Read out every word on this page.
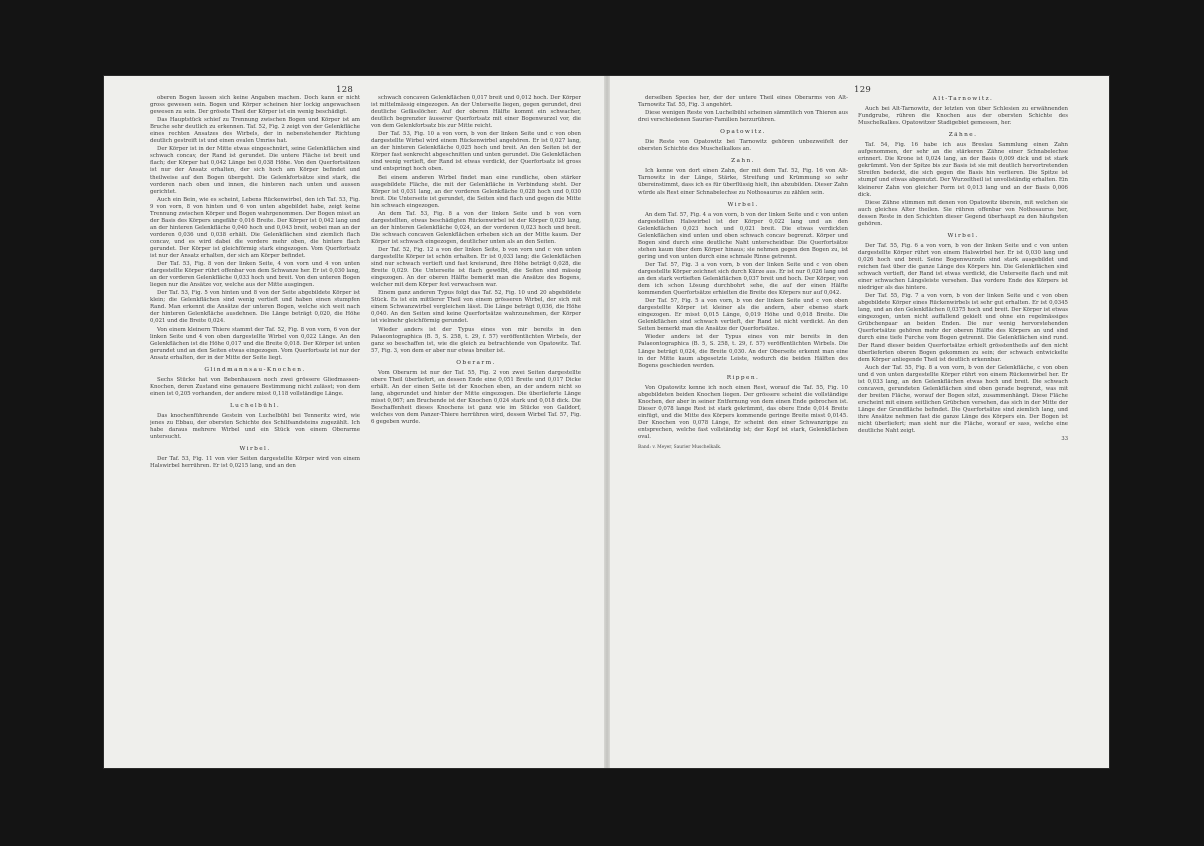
128

oberen Bogen lassen sich keine Angaben machen. Doch kann er nicht gross gewesen sein. Bogen und Körper scheinen hier lockig angewachsen gewesen zu sein. Der grösste Theil der Körper ist ein wenig beschädigt.

Das Hauptstück schief zu Trennung zwischen Bogen und Körper ist am Bruche sehr deutlich zu erkennen. Taf. 52, Fig. 2 zeigt von der Gelenkfläche eines rechten Ansatzes des Wirbels, der in nebenstehender Richtung deutlich gestreift ist und einen ovalen Umriss hat.

Der Körper ist in der Mitte etwas eingeschnürt, seine Gelenkflächen sind schwach concav, der Rand ist gerundet. Die untere Fläche ist breit und flach; der Körper hat 0,042 Länge bei 0,038 Höhe. Von den Querfortsätzen ist nur der Ansatz erhalten, der sich hoch am Körper befindet und theilweise auf den Bogen übergeht. Die Gelenkfortsätze sind stark, die vorderen nach oben und innen, die hinteren nach unten und aussen gerichtet.

Auch ein Bein, wie es scheint, Lebens Rückenwirbel, den ich Taf. 53, Fig. 9 von vorn, 8 von hinten und 6 von unten abgebildet habe, zeigt keine Trennung zwischen Körper und Bogen wahrgenommen. Der Bogen misst an der Basis des Körpers ungefähr 0,016 Breite. Der Körper ist 0,042 lang und an der hinteren Gelenkfläche 0,040 hoch und 0,043 breit, wobei man an der vorderen 0,036 und 0,038 erhält. Die Gelenkflächen sind ziemlich flach concav, und es wird dabei die vordere mehr oben, die hintere flach gerundet. Der Körper ist gleichförmig stark eingezogen. Vom Querfortsatz ist nur der Ansatz erhalten, der sich am Körper befindet.

Der Taf. 53, Fig. 8 von der linken Seite, 4 von vorn und 4 von unten dargestellte Körper rührt offenbar von dem Schwanze her. Er ist 0,030 lang, an der vorderen Gelenkfläche 0,033 hoch und breit. Von den unteren Bogen liegen nur die Ansätze vor, welche aus der Mitte ausgingen.

Der Taf. 53, Fig. 5 von hinten und 8 von der Seite abgebildete Körper ist klein; die Gelenkflächen sind wenig vertieft und haben einen stumpfen Rand. Man erkennt die Ansätze der unteren Bogen, welche sich weit nach der hinteren Gelenkfläche ausdehnen. Die Länge beträgt 0,020, die Höhe 0,021 und die Breite 0,024.

Von einem kleinern Thiere stammt der Taf. 52, Fig. 8 von vorn, 6 von der linken Seite und 4 von oben dargestellte Wirbel von 0,022 Länge. An den Gelenkflächen ist die Höhe 0,017 und die Breite 0,018. Der Körper ist unten gerundet und an den Seiten etwas eingezogen. Vom Querfortsatz ist nur der Ansatz erhalten, der in der Mitte der Seite liegt.

Glindmannsau-Knochen.

Sechs Stücke hat von Bebenhausen noch zwei grössere Gliedmassen-Knochen, deren Zustand eine genauere Bestimmung nicht zulässt; von dem einen ist 0,205 vorhanden, der andere misst 0,118 vollständige Länge.

Luchelbühl.

Das knochenführende Gestein von Luchelbühl bei Tenneritz wird, wie jenes zu Ebbau, der obersten Schichte des Schilfsandsteins zugezählt. Ich habe daraus mehrere Wirbel und ein Stück von einem Oberarme untersucht.

Wirbel.

Der Taf. 53, Fig. 11 von vier Seiten dargestellte Körper wird von einem Halswirbel herrühren. Er ist 0,0215 lang, und an den

schwach concaven Gelenkflächen 0,017 breit und 0,012 hoch. Der Körper ist mittelmässig eingezogen. An der Unterseite liegen, gegen gerundet, drei deutliche Gefässlöcher. Auf der oberen Hälfte kommt ein schwacher, deutlich begrenzter äusserer Querfortsatz mit einer Bogenwurzel vor, die von dem Gelenkfortsatz bis zur Mitte reicht.

Der Taf. 53, Fig. 10 a von vorn, b von der linken Seite und c von oben dargestellte Wirbel wird einem Rückenwirbel angehören. Er ist 0,027 lang, an der hinteren Gelenkfläche 0,025 hoch und breit. An den Seiten ist der Körper fast senkrecht abgeschnitten und unten gerundet. Die Gelenkflächen sind wenig vertieft, der Rand ist etwas verdickt, der Querfortsatz ist gross und entspringt hoch oben.

Bei einem anderen Wirbel findet man eine rundliche, oben stärker ausgebildete Fläche, die mit der Gelenkfläche in Verbindung steht. Der Körper ist 0,031 lang, an der vorderen Gelenkfläche 0,028 hoch und 0,030 breit. Die Unterseite ist gerundet, die Seiten sind flach und gegen die Mitte hin schwach eingezogen.

An dem Taf. 53, Fig. 8 a von der linken Seite und b von vorn dargestellten, etwas beschädigten Rückenwirbel ist der Körper 0,029 lang, an der hinteren Gelenkfläche 0,024, an der vorderen 0,023 hoch und breit. Die schwach concaven Gelenkflächen erheben sich an der Mitte kaum. Der Körper ist schwach eingezogen, deutlicher unten als an den Seiten.

Der Taf. 52, Fig. 12 a von der linken Seite, b von vorn und c von unten dargestellte Körper ist schön erhalten. Er ist 0,033 lang; die Gelenkflächen sind nur schwach vertieft und fast kreisrund, ihre Höhe beträgt 0,028, die Breite 0,029. Die Unterseite ist flach gewölbt, die Seiten sind mässig eingezogen. An der oberen Hälfte bemerkt man die Ansätze des Bogens, welcher mit dem Körper fest verwachsen war.

Einem ganz anderen Typus folgt das Taf. 52, Fig. 10 und 20 abgebildete Stück. Es ist ein mittlerer Theil von einem grösseren Wirbel, der sich mit einem Schwanzwirbel vergleichen lässt. Die Länge beträgt 0,036, die Höhe 0,040. An den Seiten sind keine Querfortsätze wahrzunehmen, der Körper ist vielmehr gleichförmig gerundet.

Wieder anders ist der Typus eines von mir bereits in den Palaeontographica (B. 5, S. 258, t. 29, f. 57) veröffentlichten Wirbels, der ganz so beschaffen ist, wie die gleich zu betrachtende von Opatowitz. Taf. 57, Fig. 3, von dem er aber nur etwas breiter ist.

Oberarm.

Vom Oberarm ist nur der Taf. 55, Fig. 2 von zwei Seiten dargestellte obere Theil überliefert, an dessen Ende eine 0,051 Breite und 0,017 Dicke erhält. An der einen Seite ist der Knochen eben, an der andern nicht so lang, abgerundet und hinter der Mitte eingezogen. Die überlieferte Länge misst 0,067; am Bruchende ist der Knochen 0,024 stark und 0,018 dick. Die Beschaffenheit dieses Knochens ist ganz wie im Stücke von Gaildorf, welches von dem Panzer-Thiere herrühren wird, dessen Wirbel Taf. 57, Fig. 6 gegeben wurde.

129

derselben Species her, der der untere Theil eines Oberarms von Alt-Tarnowitz Taf. 55, Fig. 3 angehört.

Diese wenigen Reste von Luchelbühl scheinen sämmtlich von Thieren aus drei verschiedenen Saurier-Familien herzurühren.

Opatowitz.

Die Reste von Opatowitz bei Tarnowitz gehören unbezweifelt der obersten Schichte des Muschelkalkes an.

Zahn.

Ich kenne von dort einen Zahn, der mit dem Taf. 52, Fig. 16 von Alt-Tarnowitz in der Länge, Stärke, Streifung und Krümmung so sehr übereinstimmt, dass ich es für überflüssig hielt, ihn abzubilden. Dieser Zahn würde als Rest einer Schnabelechse zu Nothosaurus zu zählen sein.

Wirbel.

An dem Taf. 57, Fig. 4 a von vorn, b von der linken Seite und c von unten dargestellten Halswirbel ist der Körper 0,022 lang und an den Gelenkflächen 0,023 hoch und 0,021 breit. Die etwas verdickten Gelenkflächen sind unten und oben schwach concav begrenzt. Körper und Bogen sind durch eine deutliche Naht unterscheidbar. Die Querfortsätze stehen kaum über dem Körper hinaus; sie nehmen gegen den Bogen zu, ist gering und von unten durch eine schmale Rinne getrennt.

Der Taf. 57, Fig. 3 a von vorn, b von der linken Seite und c von oben dargestellte Körper zeichnet sich durch Kürze aus. Er ist nur 0,026 lang und an den stark vertieften Gelenkflächen 0,037 breit und hoch. Der Körper, von dem ich schon Lösung durchbohrt sehe, die auf der einen Hälfte kommenden Querfortsätze erhielten die Breite des Körpers nur auf 0,042.

Der Taf. 57, Fig. 5 a von vorn, b von der linken Seite und c von oben dargestellte Körper ist kleiner als die andern, aber ebenso stark eingezogen. Er misst 0,015 Länge, 0,019 Höhe und 0,018 Breite. Die Gelenkflächen sind schwach vertieft, der Rand ist nicht verdickt. An den Seiten bemerkt man die Ansätze der Querfortsätze.

Wieder anders ist der Typus eines von mir bereits in den Palaeontographica (B. 5, S. 258, t. 29, f. 57) veröffentlichten Wirbels. Die Länge beträgt 0,024, die Breite 0,030. An der Oberseite erkennt man eine in der Mitte kaum abgesetzte Leiste, wodurch die beiden Hälften des Bogens geschieden werden.

Rippen.

Von Opatowitz kenne ich noch einen Rest, worauf die Taf. 55, Fig. 10 abgebildeten beiden Knochen liegen. Der grössere scheint die vollständige Knochen, der aber in seiner Entfernung von dem einen Ende gebrochen ist. Dieser 0,078 lange Rest ist stark gekrümmt, das obere Ende 0,014 Breite einfügt, und die Mitte des Körpers kommende geringe Breite misst 0,0145. Der Knochen von 0,078 Länge, Er scheint den einer Schwanzrippe zu entsprechen, welche fast vollständig ist; der Kopf ist stark, Gelenkflächen oval.

Band: v. Meyer, Saurier Muschelkalk.

Alt-Tarnowitz.

Auch bei Alt-Tarnowitz, der letzten von über Schlesien zu erwähnenden Fundgrube, rühren die Knochen aus der obersten Schichte des Muschelkalkes. Opatowitzer Stadigebiet gemessen, her.

Zähne.

Taf. 54, Fig. 16 habe ich aus Breslau Sammlung einen Zahn aufgenommen, der sehr an die stärkeren Zähne einer Schnabelechse erinnert. Die Krone ist 0,024 lang, an der Basis 0,009 dick und ist stark gekrümmt. Von der Spitze bis zur Basis ist sie mit deutlich hervortretenden Streifen bedeckt, die sich gegen die Basis hin verlieren. Die Spitze ist stumpf und etwas abgenutzt. Der Wurzeltheil ist unvollständig erhalten. Ein kleinerer Zahn von gleicher Form ist 0,013 lang und an der Basis 0,006 dick.

Diese Zähne stimmen mit denen von Opatowitz überein, mit welchen sie auch gleiches Alter theilen. Sie rühren offenbar von Nothosaurus her, dessen Reste in den Schichten dieser Gegend überhaupt zu den häufigsten gehören.

Wirbel.

Der Taf. 55, Fig. 6 a von vorn, b von der linken Seite und c von unten dargestellte Körper rührt von einem Halswirbel her. Er ist 0,030 lang und 0,026 hoch und breit. Seine Bogenwurzeln sind stark ausgebildet und reichen fast über die ganze Länge des Körpers hin. Die Gelenkflächen sind schwach vertieft, der Rand ist etwas verdickt, die Unterseite flach und mit einer schwachen Längsleiste versehen. Das vordere Ende des Körpers ist niedriger als das hintere.

Der Taf. 55, Fig. 7 a von vorn, b von der linken Seite und c von oben abgebildete Körper eines Rückenwirbels ist sehr gut erhalten. Er ist 0,0345 lang, und an den Gelenkflächen 0,0375 hoch und breit. Der Körper ist etwas eingezogen, unten nicht auffallend gekielt und ohne ein regelmässiges Grübchenpaar an beiden Enden. Die nur wenig hervorstehenden Querfortsätze gehören mehr der oberen Hälfte des Körpers an und sind durch eine tiefe Furche vom Bogen getrennt. Die Gelenkflächen sind rund. Der Rand dieser beiden Querfortsätze erhielt grösstentheils auf den nicht überlieferten oberen Bogen gekommen zu sein; der schwach entwickelte dem Körper anliegende Theil ist deutlich erkennbar.

Auch der Taf. 55, Fig. 8 a von vorn, b von der Gelenkfläche, c von oben und d von unten dargestellte Körper rührt von einem Rückenwirbel her. Er ist 0,033 lang, an den Gelenkflächen etwas hoch und breit. Die schwach concaven, gerundeten Gelenkflächen sind oben gerade begrenzt, was mit der breiten Fläche, worauf der Bogen sitzt, zusammenhängt. Diese Fläche erscheint mit einem seitlichen Grübchen versehen, das sich in der Mitte der Länge der Grundfläche befindet. Die Querfortsätze sind ziemlich lang, und ihre Ansätze nehmen fast die ganze Länge des Körpers ein. Der Bogen ist nicht überliefert; man sieht nur die Fläche, worauf er sass, welche eine deutliche Naht zeigt.

33
